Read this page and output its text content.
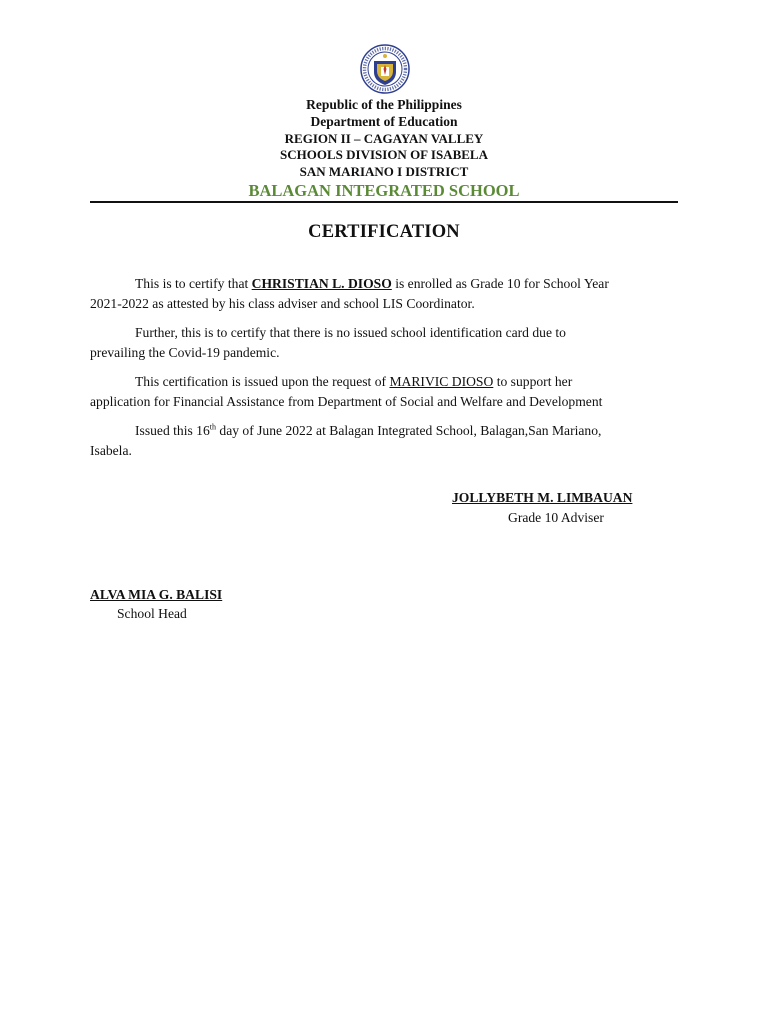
Republic of the Philippines
Department of Education
REGION II – CAGAYAN VALLEY
SCHOOLS DIVISION OF ISABELA
SAN MARIANO I DISTRICT
BALAGAN INTEGRATED SCHOOL
CERTIFICATION
This is to certify that CHRISTIAN L. DIOSO is enrolled as Grade 10 for School Year
2021-2022 as attested by his class adviser and school LIS Coordinator.
Further, this is to certify that there is no issued school identification card due to
prevailing the Covid-19 pandemic.
This certification is issued upon the request of MARIVIC DIOSO to support her
application for Financial Assistance from Department of Social and Welfare and Development
Issued this 16th day of June 2022 at Balagan Integrated School, Balagan,San Mariano,
Isabela.
JOLLYBETH M. LIMBAUAN
Grade 10 Adviser
ALVA MIA G. BALISI
School Head
